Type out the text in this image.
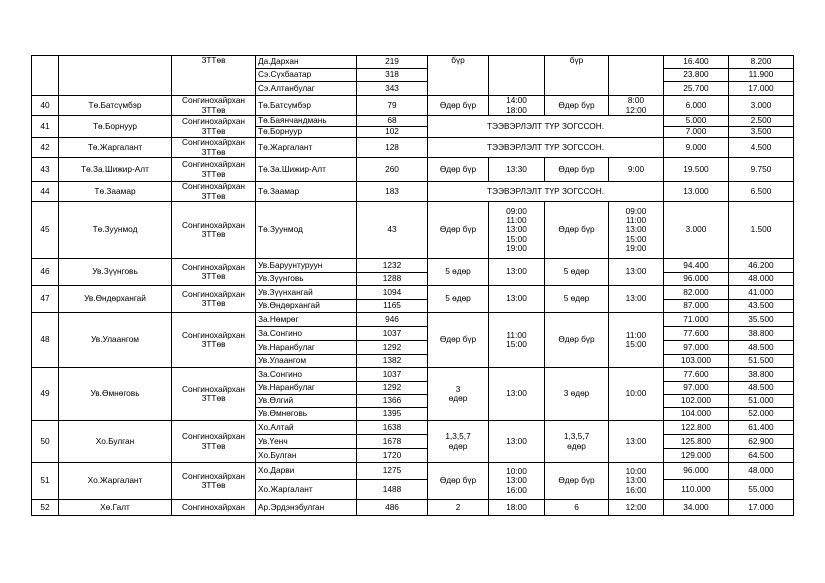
		ЗТТөв	Да.Дархан	219	бүр		бүр		16.400	8.200
			Сэ.Сүхбаатар	318					23.800	11.900
			Сэ.Алтанбулаг	343					25.700	17.000
40	Тө.Батсүмбэр	Сонгинохайрхан ЗТТөв	Тө.Батсүмбэр	79	Өдөр бүр	14:00
18:00	Өдөр бүр	8:00
12:00	6.000	3.000
41	Тө.Борнуур	Сонгинохайрхан ЗТТөв	Тө.Баянчандмань	68	ТЭЭВЭРЛЭЛТ ТҮР ЗОГССОН.				5.000	2.500
			Тө.Борнуур	102					7.000	3.500
42	Тө.Жаргалант	Сонгинохайрхан ЗТТөв	Тө.Жаргалант	128	ТЭЭВЭРЛЭЛТ ТҮР ЗОГССОН.				9.000	4.500
43	Тө.За.Шижир-Алт	Сонгинохайрхан ЗТТөв	Тө.За.Шижир-Алт	260	Өдөр бүр	13:30	Өдөр бүр	9:00	19.500	9.750
44	Тө.Заамар	Сонгинохайрхан ЗТТөв	Тө.Заамар	183	ТЭЭВЭРЛЭЛТ ТҮР ЗОГССОН.				13.000	6.500
45	Тө.Зуунмод	Сонгинохайрхан ЗТТөв	Тө.Зуунмод	43	Өдөр бүр	09:00
11:00
13:00
15:00
19:00	Өдөр бүр	09:00
11:00
13:00
15:00
19:00	3.000	1.500
46	Ув.Зүүнговь	Сонгинохайрхан ЗТТөв	Ув.Баруунтуруун	1232	5 өдөр	13:00	5 өдөр	13:00	94.400	46.200
			Ув.Зүүнговь	1288					96.000	48.000
47	Ув.Өндөрхангай	Сонгинохайрхан ЗТТөв	Ув.Зүүнхангай	1094	5 өдөр	13:00	5 өдөр	13:00	82.000	41.000
			Ув.Өндөрхангай	1165					87.000	43.500
48	Ув.Улаангом	Сонгинохайрхан ЗТТөв	За.Нөмрөг	946	Өдөр бүр	11:00
15:00	Өдөр бүр	11:00
15:00	71.000	35.500
			За.Сонгино	1037					77.600	38.800
			Ув.Наранбулаг	1292					97.000	48.500
			Ув.Улаангом	1382					103.000	51.500
49	Ув.Өмнөговь	Сонгинохайрхан ЗТТөв	За.Сонгино	1037	3
өдөр	13:00	3 өдөр	10:00	77.600	38.800
			Ув.Наранбулаг	1292					97.000	48.500
			Ув.Өлгий	1366					102.000	51.000
			Ув.Өмнөговь	1395					104.000	52.000
50	Хо.Булган	Сонгинохайрхан ЗТТөв	Хо.Алтай	1638	1,3,5,7
өдөр	13:00	1,3,5,7
өдөр	13:00	122.800	61.400
			Ув.Үенч	1678					125.800	62.900
			Хо.Булган	1720					129.000	64.500
51	Хо.Жаргалант	Сонгинохайрхан ЗТТөв	Хо.Дарви	1275	Өдөр бүр	10:00
13:00
16:00	Өдөр бүр	10:00
13:00
16:00	96.000	48.000
			Хо.Жаргалант	1488					110.000	55.000
52	Хө.Галт	Сонгинохайрхан	Ар.Эрдэнэбулган	486	2	18:00	6	12:00	34.000	17.000
